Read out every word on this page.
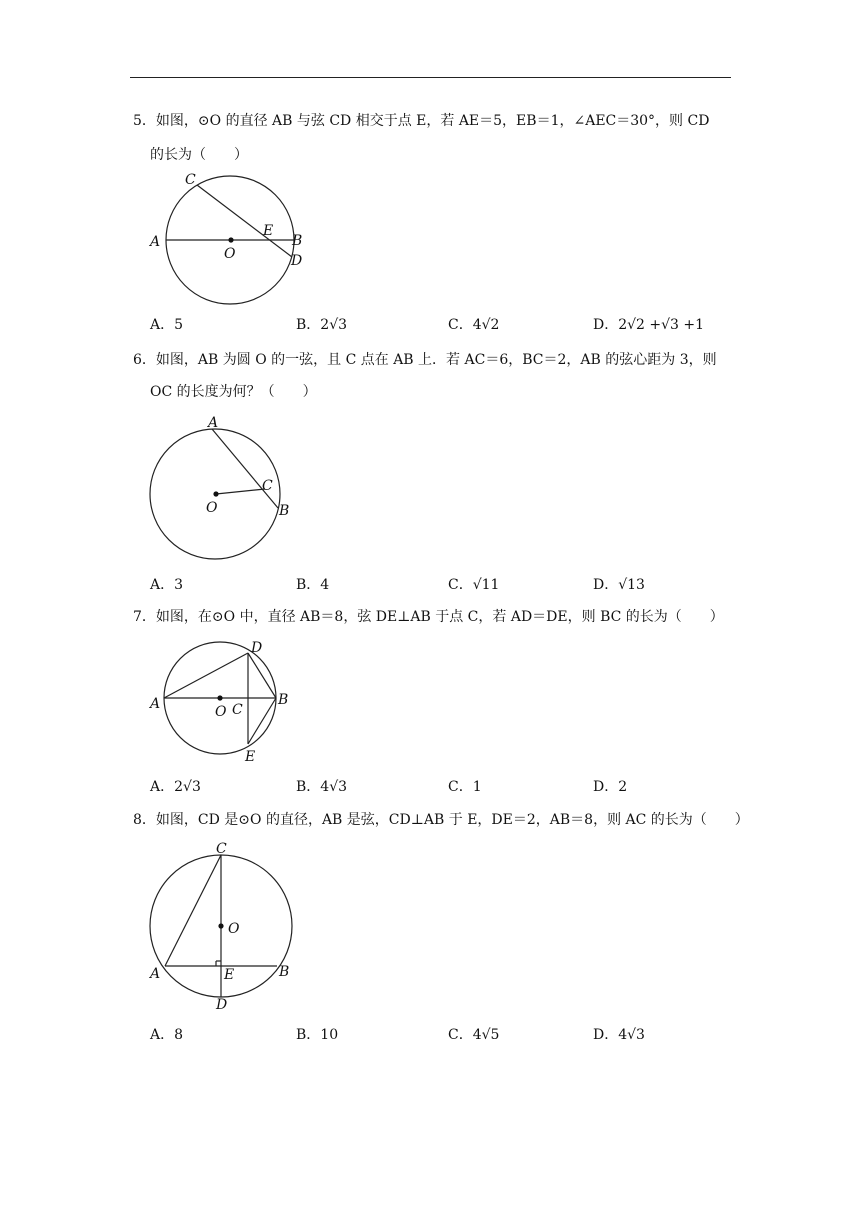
5．如图，⊙O 的直径 AB 与弦 CD 相交于点 E，若 AE＝5，EB＝1，∠AEC＝30°，则 CD
的长为（　　）
A	B
C
D
E
O
A．5	B．2√3	C．4√2	D．2√2 +√3 +1
6．如图，AB 为圆 O 的一弦，且 C 点在 AB 上．若 AC＝6，BC＝2，AB 的弦心距为 3，则
OC 的长度为何？（　　）
A
B
C
O
A．3	B．4	C．√11	D．√13
7．如图，在⊙O 中，直径 AB＝8，弦 DE⊥AB 于点 C，若 AD＝DE，则 BC 的长为（　　）
A	B
C
D
E
O
A．2√3	B．4√3	C．1	D．2
8．如图，CD 是⊙O 的直径，AB 是弦，CD⊥AB 于 E，DE＝2，AB＝8，则 AC 的长为（　　）
A	B
C
D
E
O
A．8	B．10	C．4√5	D．4√3
